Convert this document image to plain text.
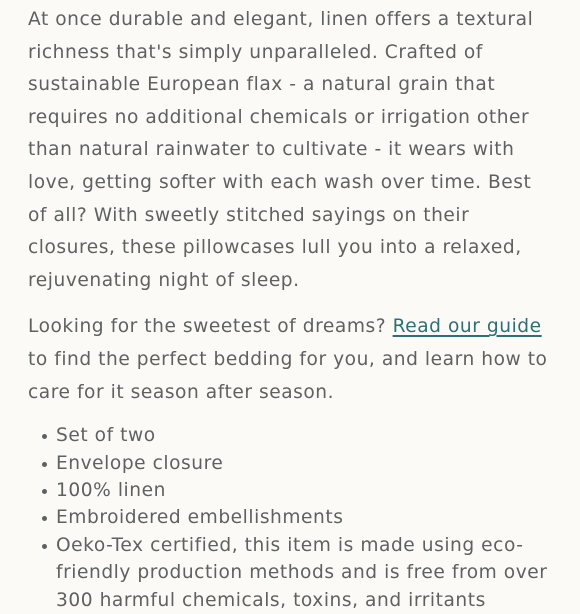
At once durable and elegant, linen offers a textural richness that's simply unparalleled. Crafted of sustainable European flax - a natural grain that requires no additional chemicals or irrigation other than natural rainwater to cultivate - it wears with love, getting softer with each wash over time. Best of all? With sweetly stitched sayings on their closures, these pillowcases lull you into a relaxed, rejuvenating night of sleep.

Looking for the sweetest of dreams? Read our guide to find the perfect bedding for you, and learn how to care for it season after season.

Set of two
Envelope closure
100% linen
Embroidered embellishments
Oeko-Tex certified, this item is made using eco-friendly production methods and is free from over 300 harmful chemicals, toxins, and irritants
